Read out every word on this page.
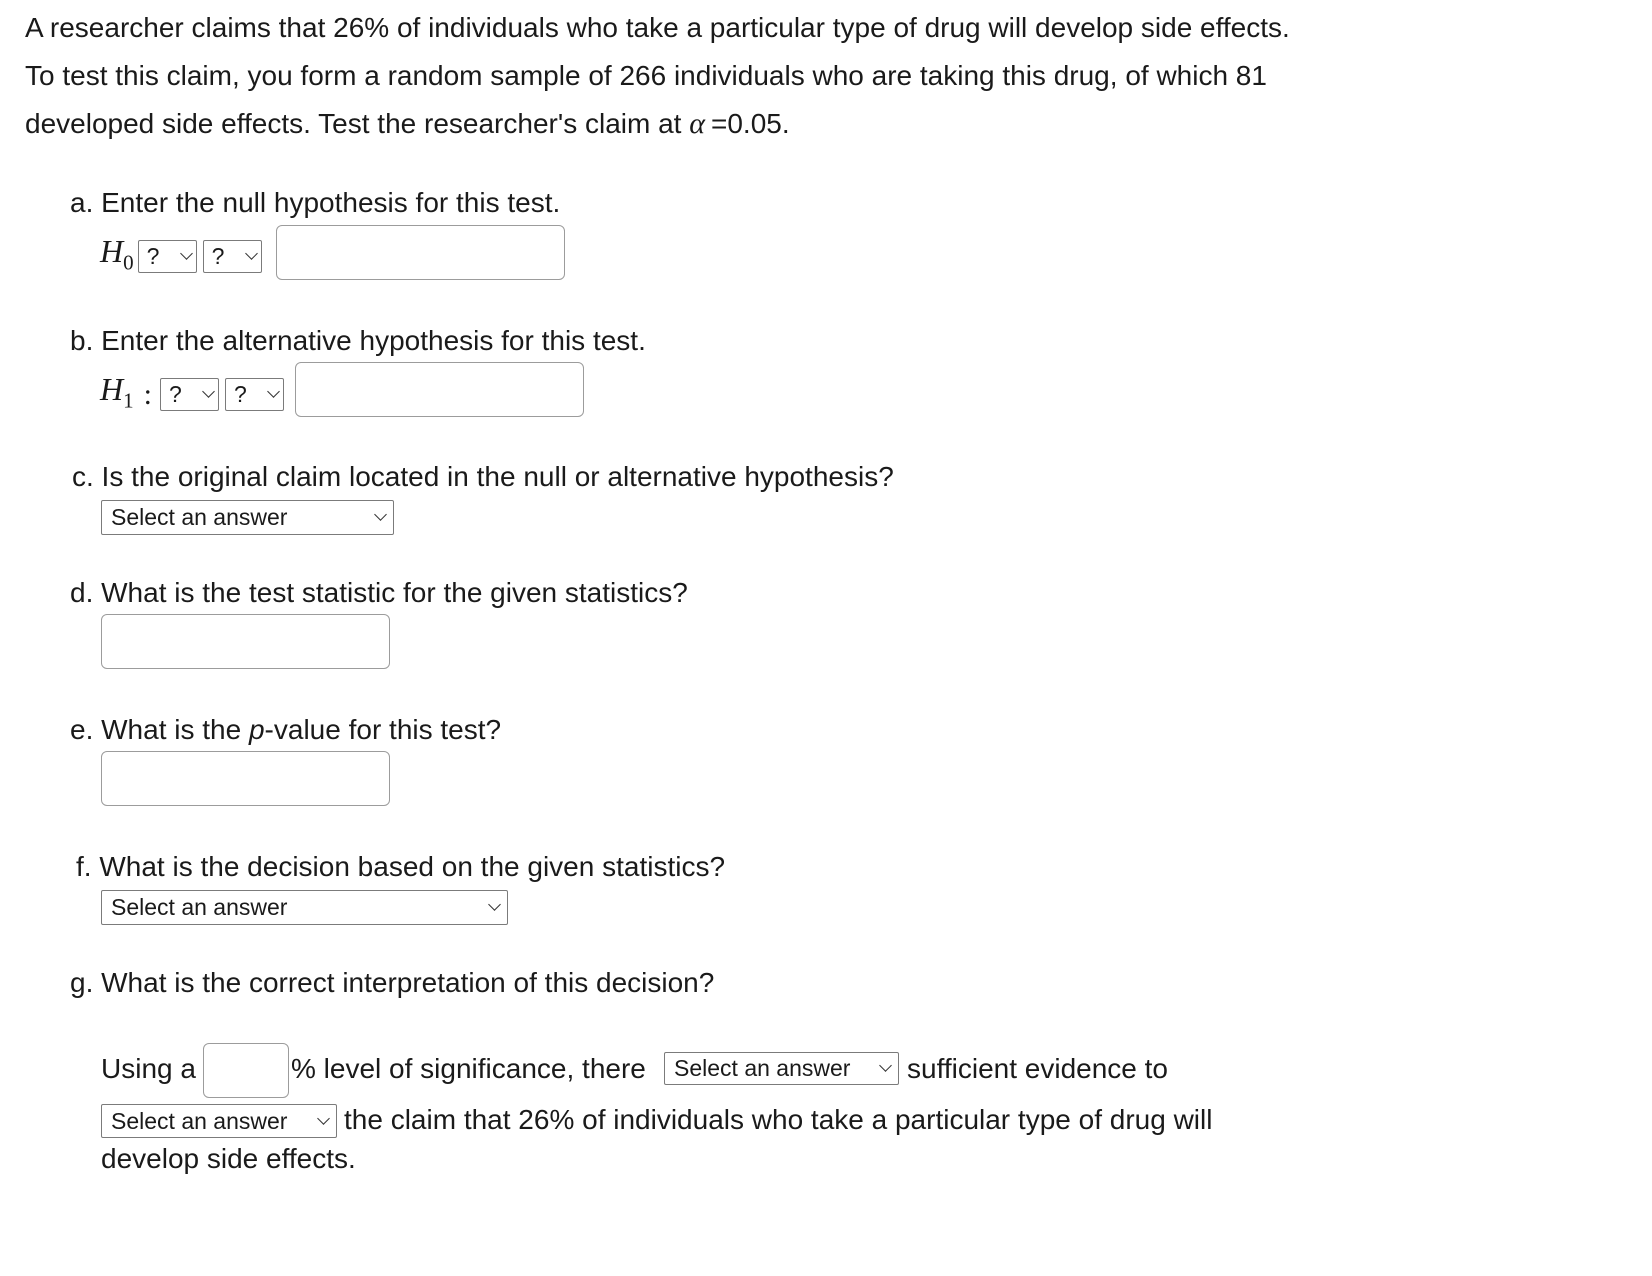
A researcher claims that 26% of individuals who take a particular type of drug will develop side effects.
To test this claim, you form a random sample of 266 individuals who are taking this drug, of which 81
developed side effects. Test the researcher's claim at α =0.05.
a. Enter the null hypothesis for this test.
$H_0$ ? ?
b. Enter the alternative hypothesis for this test.
$H_1$ : ? ?
c. Is the original claim located in the null or alternative hypothesis?
Select an answer
d. What is the test statistic for the given statistics?
e. What is the p-value for this test?
f. What is the decision based on the given statistics?
Select an answer
g. What is the correct interpretation of this decision?
Using a	% level of significance, there Select an answer sufficient evidence to
Select an answer the claim that 26% of individuals who take a particular type of drug will
develop side effects.
